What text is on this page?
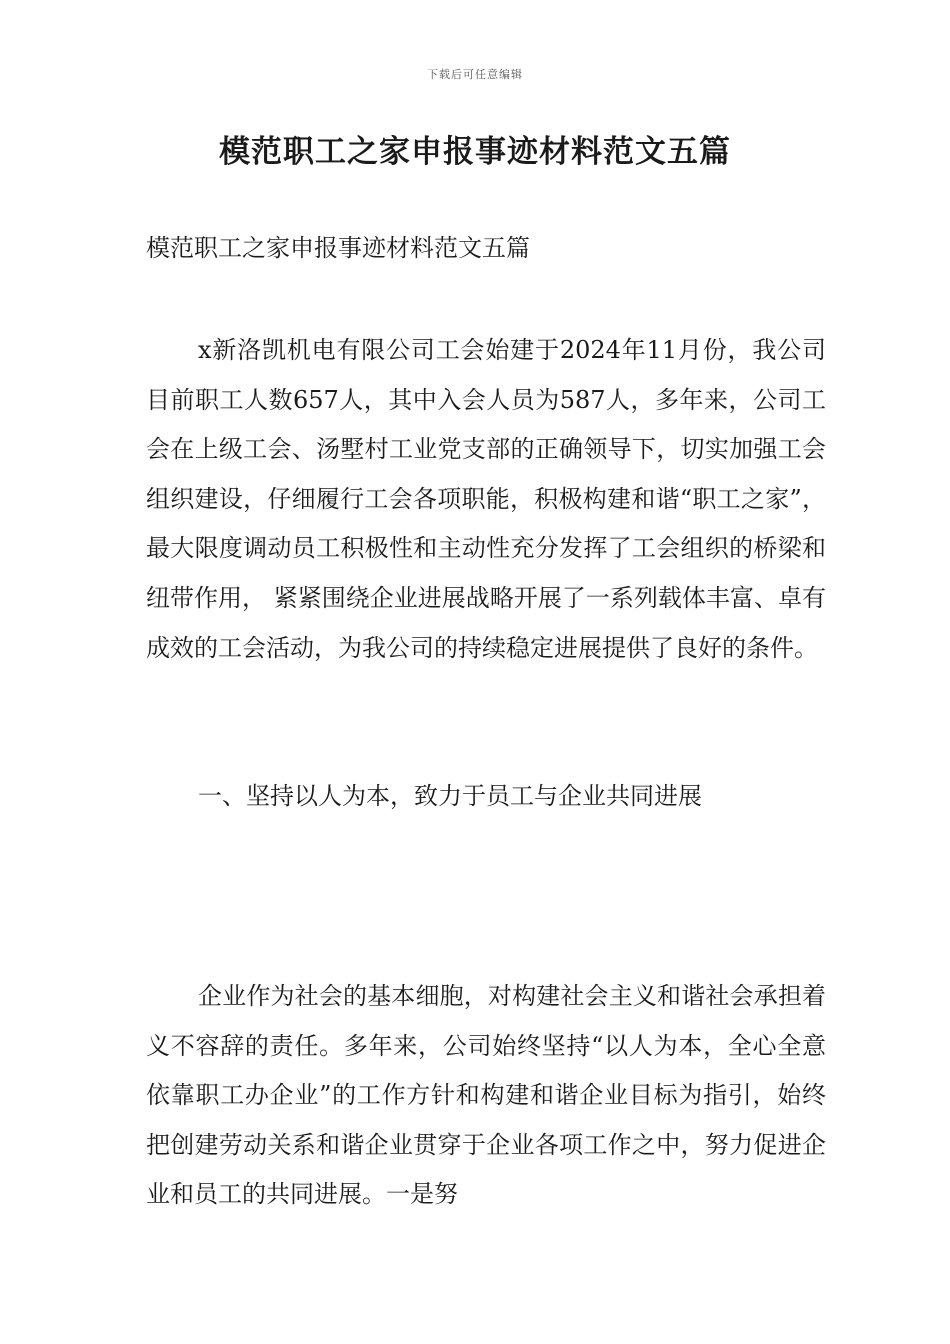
下载后可任意编辑
模范职工之家申报事迹材料范文五篇

模范职工之家申报事迹材料范文五篇

x新洛凯机电有限公司工会始建于2024年11月份，我公司目前职工人数657人，其中入会人员为587人，多年来，公司工会在上级工会、汤墅村工业党支部的正确领导下，切实加强工会组织建设，仔细履行工会各项职能，积极构建和谐“职工之家”，最大限度调动员工积极性和主动性充分发挥了工会组织的桥梁和纽带作用， 紧紧围绕企业进展战略开展了一系列载体丰富、卓有成效的工会活动，为我公司的持续稳定进展提供了良好的条件。

一、坚持以人为本，致力于员工与企业共同进展

企业作为社会的基本细胞，对构建社会主义和谐社会承担着义不容辞的责任。多年来，公司始终坚持“以人为本，全心全意依靠职工办企业”的工作方针和构建和谐企业目标为指引，始终把创建劳动关系和谐企业贯穿于企业各项工作之中，努力促进企业和员工的共同进展。一是努
